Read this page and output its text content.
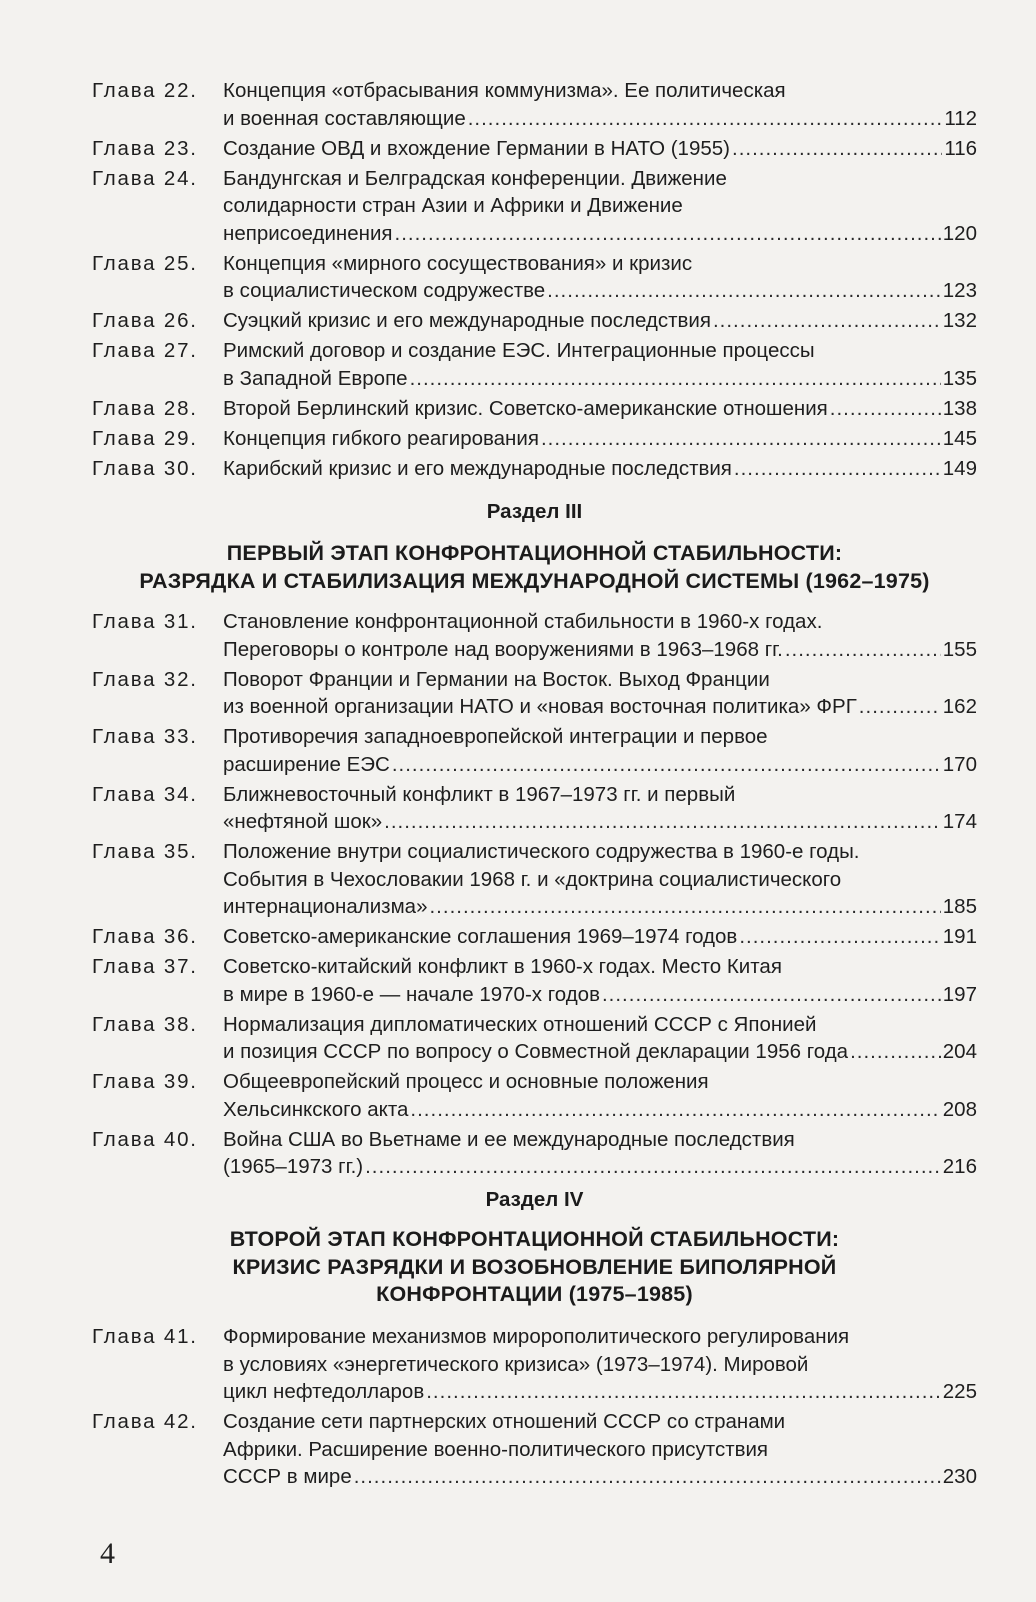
Глава 22. Концепция «отбрасывания коммунизма». Ее политическая
и военная составляющие .....	112
Глава 23. Создание ОВД и вхождение Германии в НАТО (1955) .....	116
Глава 24. Бандунгская и Белградская конференции. Движение
солидарности стран Азии и Африки и Движение
неприсоединения .....	120
Глава 25. Концепция «мирного сосуществования» и кризис
в социалистическом содружестве .....	123
Глава 26. Суэцкий кризис и его международные последствия .....	132
Глава 27. Римский договор и создание ЕЭС. Интеграционные процессы
в Западной Европе .....	135
Глава 28. Второй Берлинский кризис. Советско-американские отношения .....	138
Глава 29. Концепция гибкого реагирования .....	145
Глава 30. Карибский кризис и его международные последствия .....	149
Раздел III
ПЕРВЫЙ ЭТАП КОНФРОНТАЦИОННОЙ СТАБИЛЬНОСТИ:
РАЗРЯДКА И СТАБИЛИЗАЦИЯ МЕЖДУНАРОДНОЙ СИСТЕМЫ (1962–1975)
Глава 31. Становление конфронтационной стабильности в 1960-х годах.
Переговоры о контроле над вооружениями в 1963–1968 гг. .....	155
Глава 32. Поворот Франции и Германии на Восток. Выход Франции
из военной организации НАТО и «новая восточная политика» ФРГ .....	162
Глава 33. Противоречия западноевропейской интеграции и первое
расширение ЕЭС .....	170
Глава 34. Ближневосточный конфликт в 1967–1973 гг. и первый
«нефтяной шок» .....	174
Глава 35. Положение внутри социалистического содружества в 1960-е годы.
События в Чехословакии 1968 г. и «доктрина социалистического
интернационализма» .....	185
Глава 36. Советско-американские соглашения 1969–1974 годов .....	191
Глава 37. Советско-китайский конфликт в 1960-х годах. Место Китая
в мире в 1960-е — начале 1970-х годов .....	197
Глава 38. Нормализация дипломатических отношений СССР с Японией
и позиция СССР по вопросу о Совместной декларации 1956 года .....	204
Глава 39. Общеевропейский процесс и основные положения
Хельсинкского акта .....	208
Глава 40. Война США во Вьетнаме и ее международные последствия
(1965–1973 гг.) .....	216
Раздел IV
ВТОРОЙ ЭТАП КОНФРОНТАЦИОННОЙ СТАБИЛЬНОСТИ:
КРИЗИС РАЗРЯДКИ И ВОЗОБНОВЛЕНИЕ БИПОЛЯРНОЙ
КОНФРОНТАЦИИ (1975–1985)
Глава 41. Формирование механизмов миророполитического регулирования
в условиях «энергетического кризиса» (1973–1974). Мировой
цикл нефтедолларов .....	225
Глава 42. Создание сети партнерских отношений СССР со странами
Африки. Расширение военно-политического присутствия
СССР в мире .....	230
4
